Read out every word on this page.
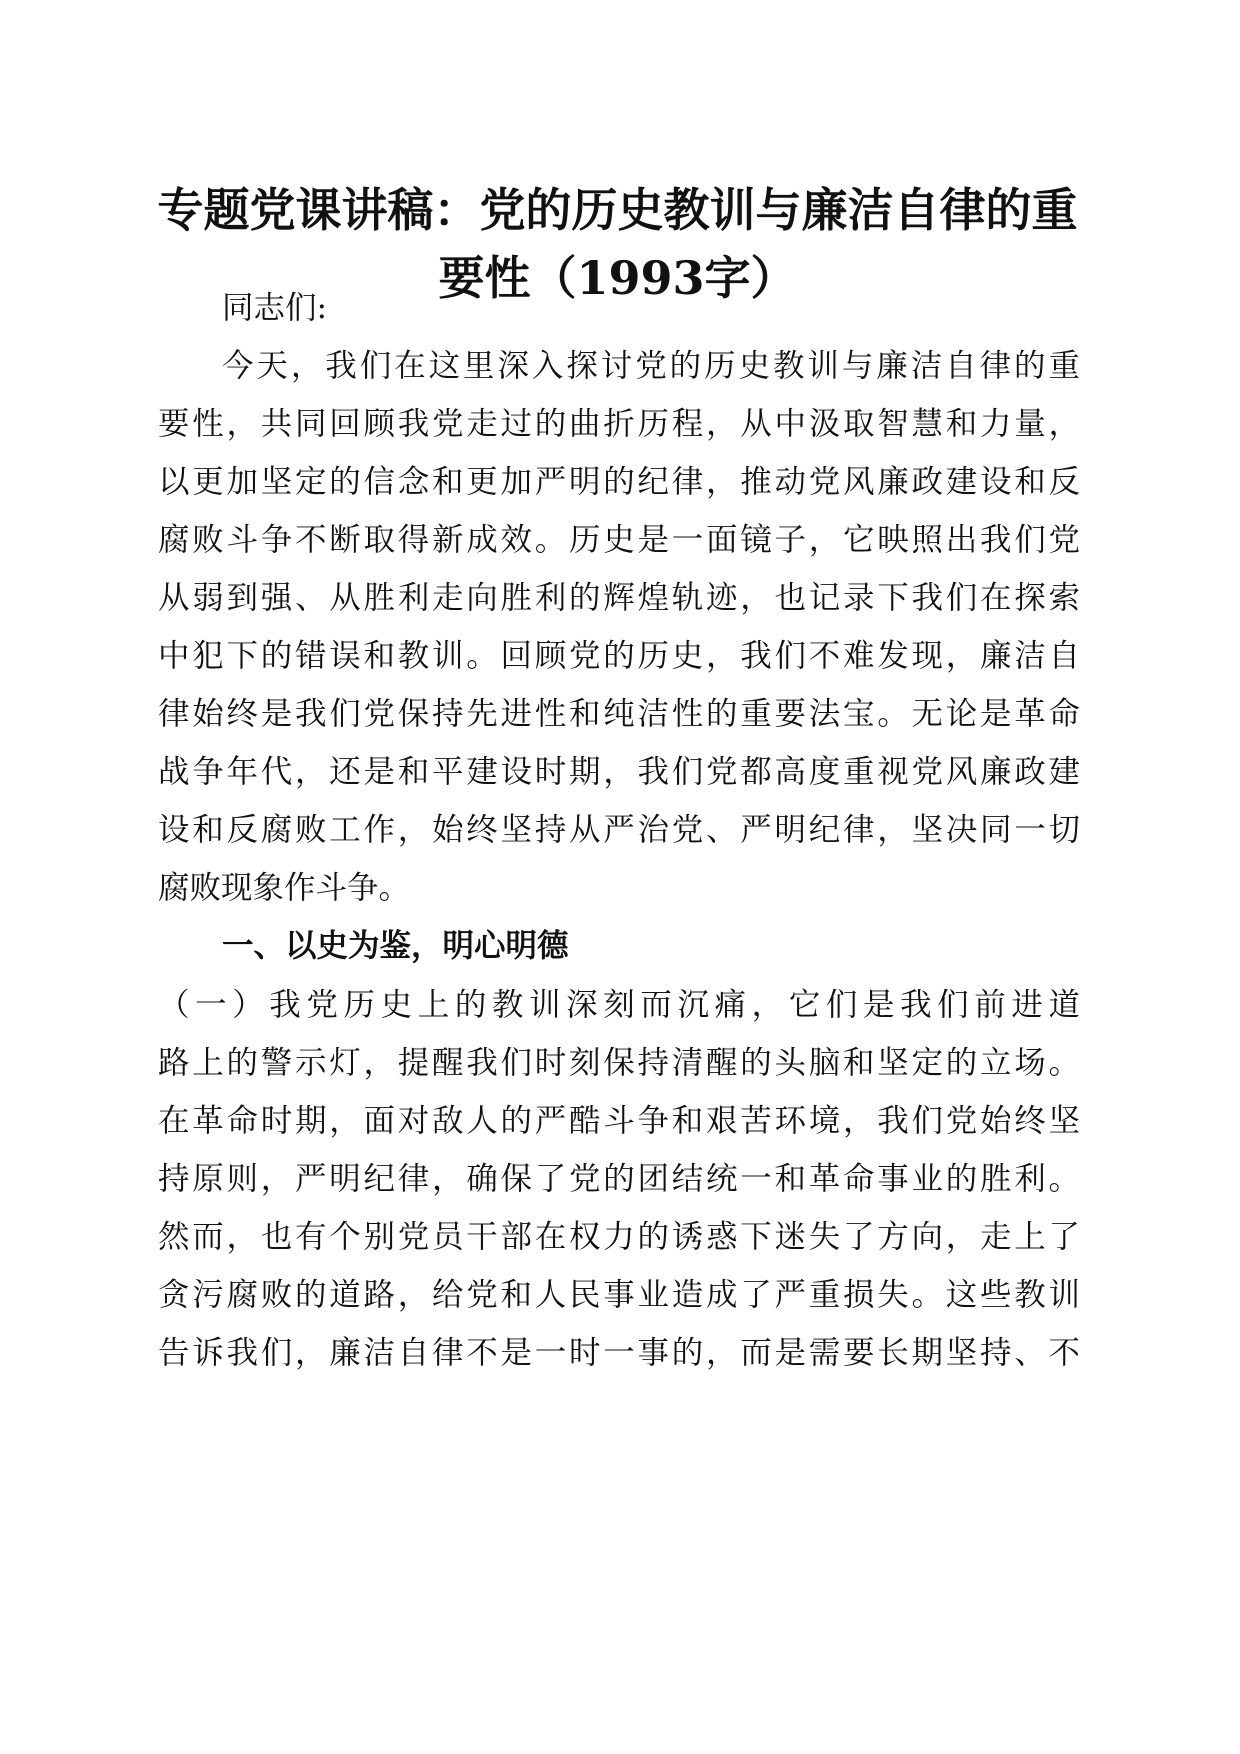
专题党课讲稿：党的历史教训与廉洁自律的重
要性（1993字）
同志们:
今天，我们在这里深入探讨党的历史教训与廉洁自律的重
要性，共同回顾我党走过的曲折历程，从中汲取智慧和力量，
以更加坚定的信念和更加严明的纪律，推动党风廉政建设和反
腐败斗争不断取得新成效。历史是一面镜子，它映照出我们党
从弱到强、从胜利走向胜利的辉煌轨迹，也记录下我们在探索
中犯下的错误和教训。回顾党的历史，我们不难发现，廉洁自
律始终是我们党保持先进性和纯洁性的重要法宝。无论是革命
战争年代，还是和平建设时期，我们党都高度重视党风廉政建
设和反腐败工作，始终坚持从严治党、严明纪律，坚决同一切
腐败现象作斗争。
一、以史为鉴，明心明德
（一）我党历史上的教训深刻而沉痛，它们是我们前进道
路上的警示灯，提醒我们时刻保持清醒的头脑和坚定的立场。
在革命时期，面对敌人的严酷斗争和艰苦环境，我们党始终坚
持原则，严明纪律，确保了党的团结统一和革命事业的胜利。
然而，也有个别党员干部在权力的诱惑下迷失了方向，走上了
贪污腐败的道路，给党和人民事业造成了严重损失。这些教训
告诉我们，廉洁自律不是一时一事的，而是需要长期坚持、不
